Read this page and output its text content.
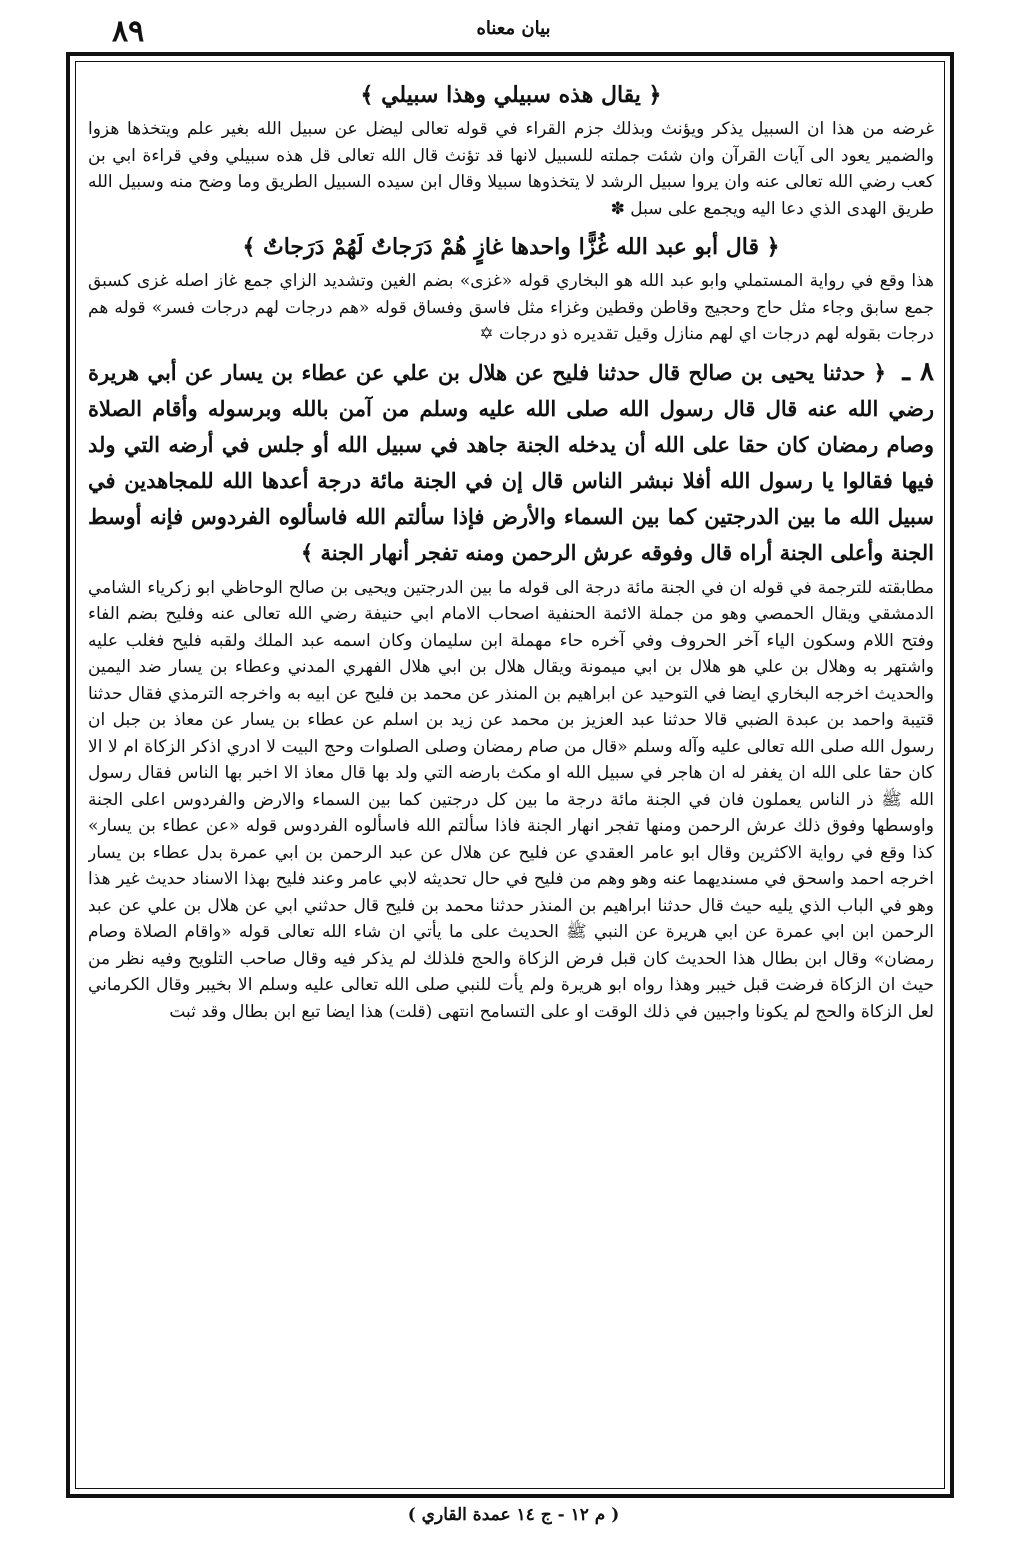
٨٩	بيان معناه
﴿ يقال هذه سبيلي وهذا سبيلي ﴾

غرضه من هذا ان السبيل يذكر ويؤنث وبذلك جزم القراء في قوله تعالى ليضل عن سبيل الله بغير علم ويتخذها هزوا والضمير يعود الى آيات القرآن وان شئت جملته للسبيل لانها قد تؤنث قال الله تعالى قل هذه سبيلي وفي قراءة ابي بن كعب رضي الله تعالى عنه وان يروا سبيل الرشد لا يتخذوها سبيلا وقال ابن سيده السبيل الطريق وما وضح منه وسبيل الله طريق الهدى الذي دعا اليه ويجمع على سبل ✽

﴿ قال أبو عبد الله غُزًّا واحدها غازٍ هُمْ دَرَجاتٌ لَهُمْ دَرَجاتٌ ﴾

هذا وقع في رواية المستملي وابو عبد الله هو البخاري قوله «غزى» بضم الغين وتشديد الزاي جمع غاز اصله غزى كسبق جمع سابق وجاء مثل حاج وحجيج وقاطن وقطين وغزاء مثل فاسق وفساق قوله «هم درجات لهم درجات فسر» قوله هم درجات بقوله لهم درجات اي لهم منازل وقيل تقديره ذو درجات ✡

٨ ـ ﴿ حدثنا يحيى بن صالح قال حدثنا فليح عن هلال بن علي عن عطاء بن يسار عن أبي هريرة رضي الله عنه قال قال رسول الله صلى الله عليه وسلم من آمن بالله وبرسوله وأقام الصلاة وصام رمضان كان حقا على الله أن يدخله الجنة جاهد في سبيل الله أو جلس في أرضه التي ولد فيها فقالوا يا رسول الله أفلا نبشر الناس قال إن في الجنة مائة درجة أعدها الله للمجاهدين في سبيل الله ما بين الدرجتين كما بين السماء والأرض فإذا سألتم الله فاسألوه الفردوس فإنه أوسط الجنة وأعلى الجنة أراه قال وفوقه عرش الرحمن ومنه تفجر أنهار الجنة ﴾

مطابقته للترجمة في قوله ان في الجنة مائة درجة الى قوله ما بين الدرجتين ويحيى بن صالح الوحاظي ابو زكرياء الشامي الدمشقي ويقال الحمصي وهو من جملة الائمة الحنفية اصحاب الامام ابي حنيفة رضي الله تعالى عنه وفليح بضم الفاء وفتح اللام وسكون الياء آخر الحروف وفي آخره حاء مهملة ابن سليمان وكان اسمه عبد الملك ولقبه فليح فغلب عليه واشتهر به وهلال بن علي هو هلال بن ابي ميمونة ويقال هلال بن ابي هلال الفهري المدني وعطاء بن يسار ضد اليمين والحديث اخرجه البخاري ايضا في التوحيد عن ابراهيم بن المنذر عن محمد بن فليح عن ابيه به واخرجه الترمذي فقال حدثنا قتيبة واحمد بن عبدة الضبي قالا حدثنا عبد العزيز بن محمد عن زيد بن اسلم عن عطاء بن يسار عن معاذ بن جبل ان رسول الله صلى الله تعالى عليه وآله وسلم «قال من صام رمضان وصلى الصلوات وحج البيت لا ادري اذكر الزكاة ام لا الا كان حقا على الله ان يغفر له ان هاجر في سبيل الله او مكث بارضه التي ولد بها قال معاذ الا اخبر بها الناس فقال رسول الله ﷺ ذر الناس يعملون فان في الجنة مائة درجة ما بين كل درجتين كما بين السماء والارض والفردوس اعلى الجنة واوسطها وفوق ذلك عرش الرحمن ومنها تفجر انهار الجنة فاذا سألتم الله فاسألوه الفردوس قوله «عن عطاء بن يسار» كذا وقع في رواية الاكثرين وقال ابو عامر العقدي عن فليح عن هلال عن عبد الرحمن بن ابي عمرة بدل عطاء بن يسار اخرجه احمد واسحق في مسنديهما عنه وهو وهم من فليح في حال تحديثه لابي عامر وعند فليح بهذا الاسناد حديث غير هذا وهو في الباب الذي يليه حيث قال حدثنا ابراهيم بن المنذر حدثنا محمد بن فليح قال حدثني ابي عن هلال بن علي عن عبد الرحمن ابن ابي عمرة عن ابي هريرة عن النبي ﷺ الحديث على ما يأتي ان شاء الله تعالى قوله «واقام الصلاة وصام رمضان» وقال ابن بطال هذا الحديث كان قبل فرض الزكاة والحج فلذلك لم يذكر فيه وقال صاحب التلويح وفيه نظر من حيث ان الزكاة فرضت قبل خيبر وهذا رواه ابو هريرة ولم يأت للنبي صلى الله تعالى عليه وسلم الا بخيبر وقال الكرماني لعل الزكاة والحج لم يكونا واجبين في ذلك الوقت او على التسامح انتهى (قلت) هذا ايضا تبع ابن بطال وقد ثبت

( م ١٢ - ج ١٤ عمدة القاري )
